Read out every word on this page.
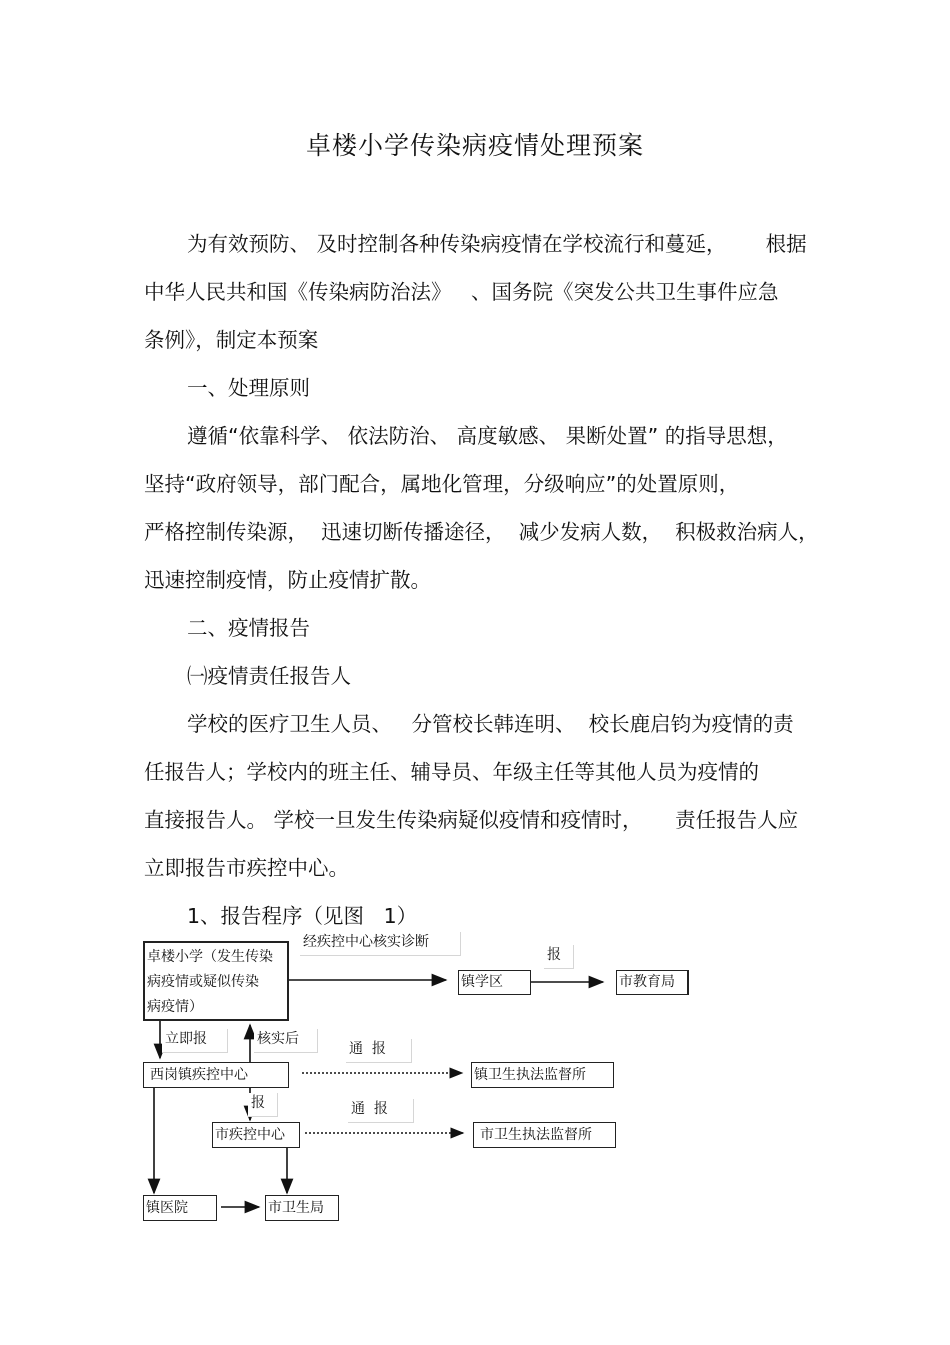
卓楼小学传染病疫情处理预案
为有效预防、 及时控制各种传染病疫情在学校流行和蔓延，      根据
中华人民共和国《传染病防治法》   、国务院《突发公共卫生事件应急
条例》，制定本预案
一、处理原则
遵循“依靠科学、 依法防治、 高度敏感、 果断处置” 的指导思想，
坚持“政府领导，部门配合，属地化管理，分级响应”的处置原则，
严格控制传染源，  迅速切断传播途径，  减少发病人数，  积极救治病人，
迅速控制疫情，防止疫情扩散。
二、疫情报告
㈠疫情责任报告人
学校的医疗卫生人员、   分管校长韩连明、  校长鹿启钧为疫情的责
任报告人；学校内的班主任、辅导员、年级主任等其他人员为疫情的
直接报告人。 学校一旦发生传染病疑似疫情和疫情时，     责任报告人应
立即报告市疾控中心。
1、报告程序（见图   1）
卓楼小学（发生传染
病疫情或疑似传染
病疫情）
经疾控中心核实诊断
镇学区
报
市教育局
立即报	核实后
通  报
西岗镇疾控中心	镇卫生执法监督所
报	通  报
市疾控中心	市卫生执法监督所
镇医院	市卫生局
